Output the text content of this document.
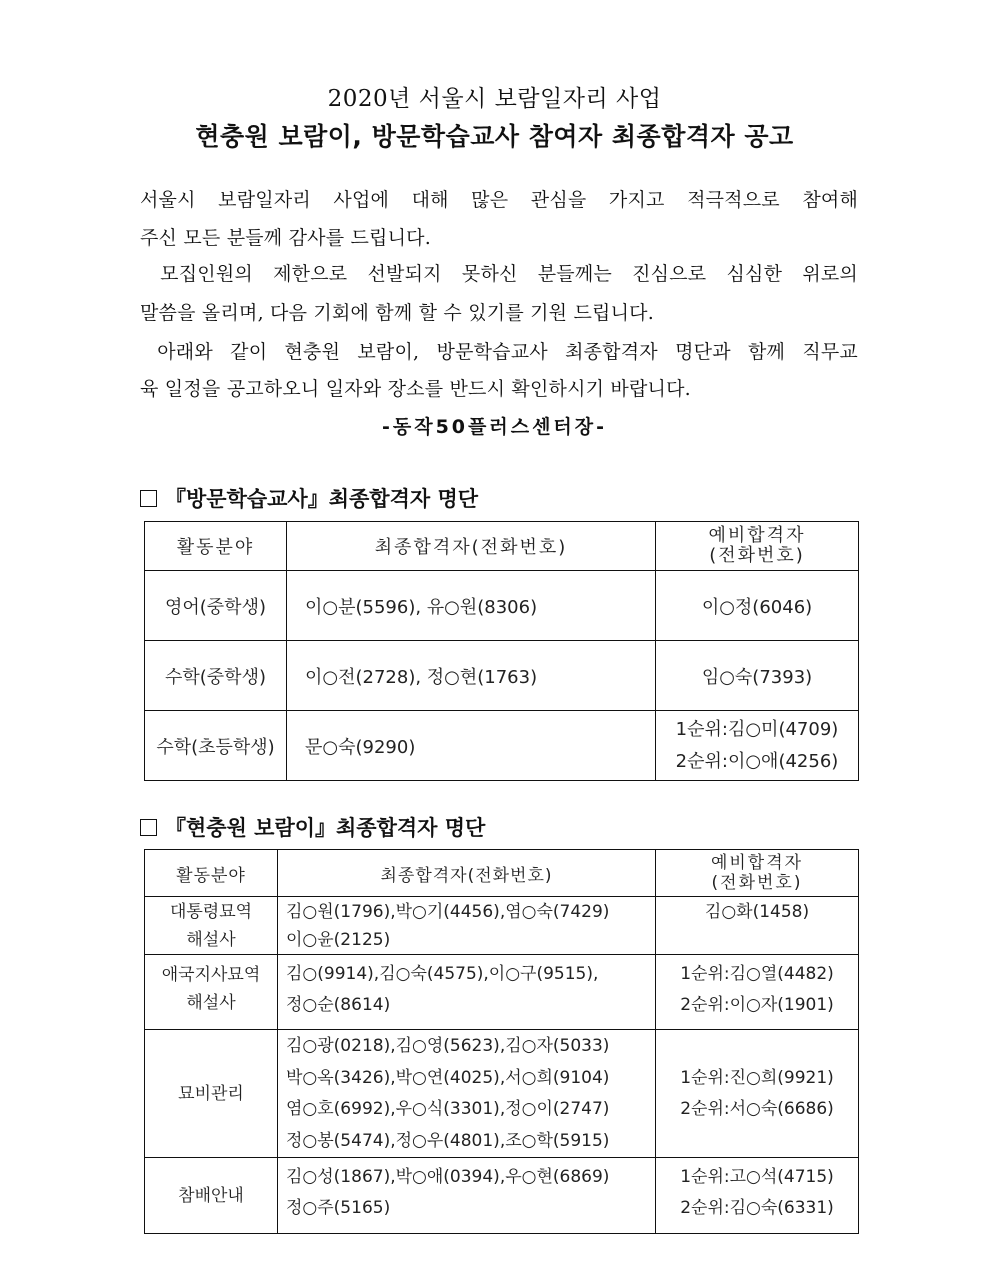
2020년 서울시 보람일자리 사업
현충원 보람이, 방문학습교사 참여자 최종합격자 공고
서울시 보람일자리 사업에 대해 많은 관심을 가지고 적극적으로 참여해
주신 모든 분들께 감사를 드립니다.
모집인원의 제한으로 선발되지 못하신 분들께는 진심으로 심심한 위로의
말씀을 올리며, 다음 기회에 함께 할 수 있기를 기원 드립니다.
아래와 같이 현충원 보람이, 방문학습교사 최종합격자 명단과 함께 직무교
육 일정을 공고하오니 일자와 장소를 반드시 확인하시기 바랍니다.
-동작50플러스센터장-
『방문학습교사』최종합격자 명단
활동분야	최종합격자(전화번호)	예비합격자
(전화번호)

영어(중학생)	이○분(5596), 유○원(8306)	이○정(6046)
수학(중학생)	이○전(2728), 정○현(1763)	임○숙(7393)
수학(초등학생)	문○숙(9290)	1순위:김○미(4709)
2순위:이○애(4256)
『현충원 보람이』최종합격자 명단
활동분야	최종합격자(전화번호)	예비합격자
(전화번호)

대통령묘역
해설사	김○원(1796),박○기(4456),염○숙(7429)
이○윤(2125)	김○화(1458)

애국지사묘역
해설사	김○(9914),김○숙(4575),이○구(9515),
정○순(8614)	1순위:김○열(4482)
2순위:이○자(1901)

묘비관리	김○광(0218),김○영(5623),김○자(5033)
박○옥(3426),박○연(4025),서○희(9104)
염○호(6992),우○식(3301),정○이(2747)
정○봉(5474),정○우(4801),조○학(5915)	1순위:진○희(9921)
2순위:서○숙(6686)

참배안내	김○성(1867),박○애(0394),우○현(6869)
정○주(5165)	1순위:고○석(4715)
2순위:김○숙(6331)
